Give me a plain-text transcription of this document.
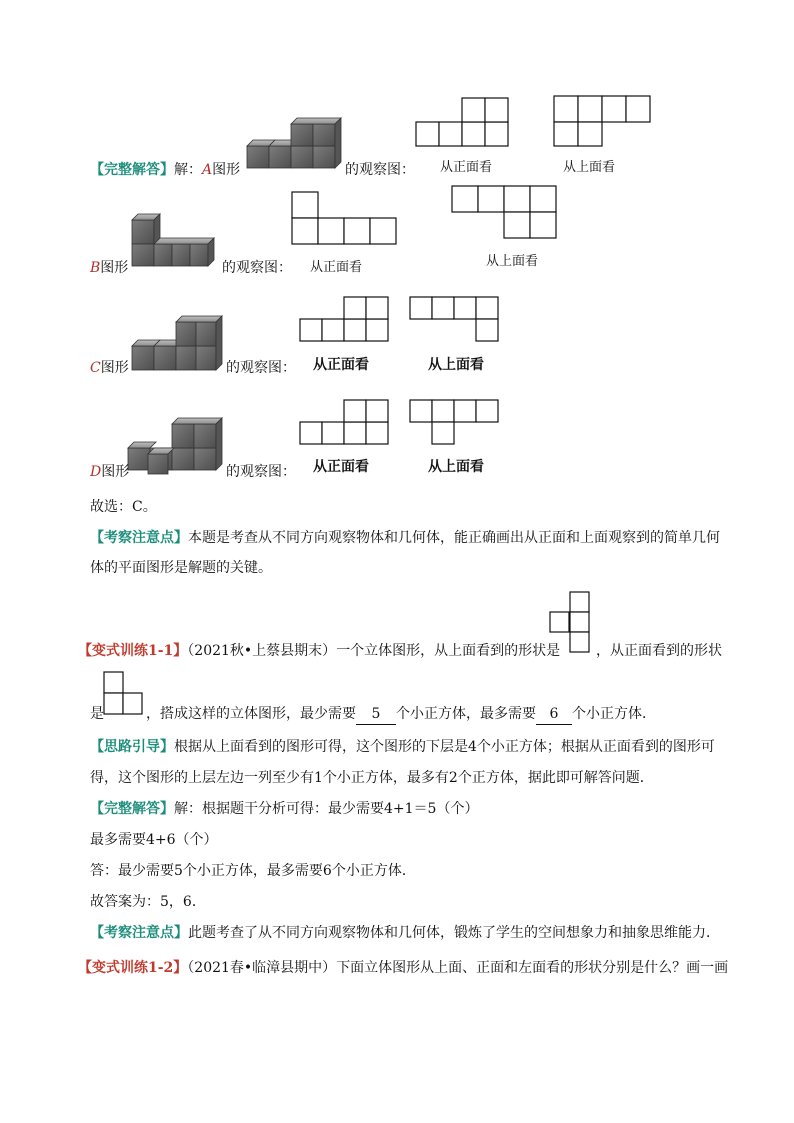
【完整解答】解：A图形	的观察图： 从正面看	从上面看
B图形	的观察图： 从正面看	从上面看
C图形	的观察图： 从正面看	从上面看
D图形	的观察图： 从正面看	从上面看
故选：C。
【考察注意点】本题是考查从不同方向观察物体和几何体，能正确画出从正面和上面观察到的简单几何
体的平面图形是解题的关键。
【变式训练1-1】（2021秋•上蔡县期末）一个立体图形，从上面看到的形状是	，从正面看到的形状
是	，搭成这样的立体图形，最少需要 5 个小正方体，最多需要 6 个小正方体．
【思路引导】根据从上面看到的图形可得，这个图形的下层是4个小正方体；根据从正面看到的图形可
得，这个图形的上层左边一列至少有1个小正方体，最多有2个正方体，据此即可解答问题．
【完整解答】解：根据题干分析可得：最少需要4+1＝5（个）
最多需要4+6（个）
答：最少需要5个小正方体，最多需要6个小正方体．
故答案为：5，6．
【考察注意点】此题考查了从不同方向观察物体和几何体，锻炼了学生的空间想象力和抽象思维能力．
【变式训练1-2】（2021春•临漳县期中）下面立体图形从上面、正面和左面看的形状分别是什么？画一画
